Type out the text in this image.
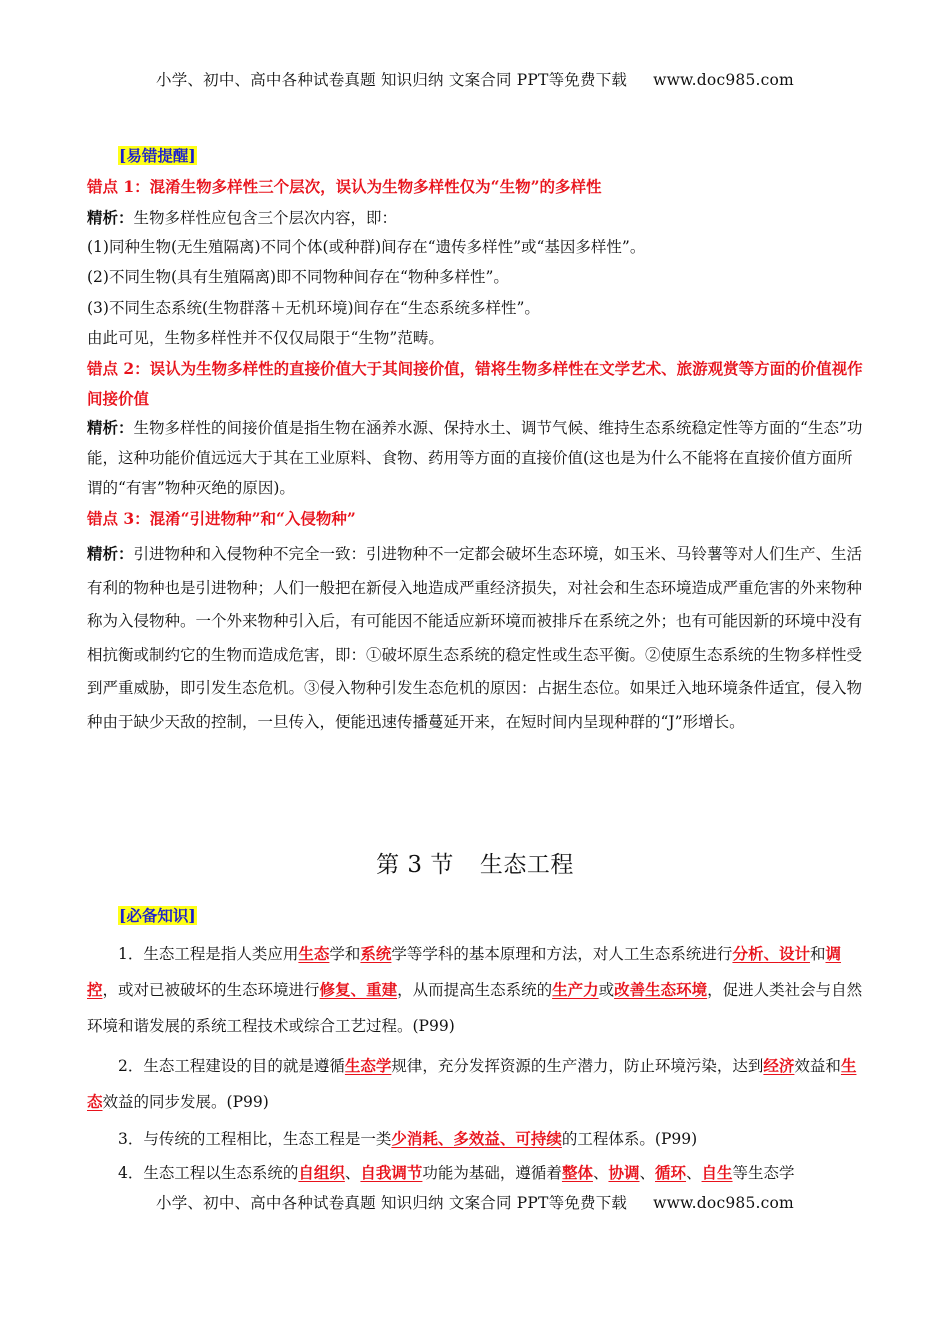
小学、初中、高中各种试卷真题 知识归纳 文案合同 PPT等免费下载 www.doc985.com
[易错提醒]
错点 1：混淆生物多样性三个层次，误认为生物多样性仅为“生物”的多样性
精析：生物多样性应包含三个层次内容，即：
(1)同种生物(无生殖隔离)不同个体(或种群)间存在“遗传多样性”或“基因多样性”。
(2)不同生物(具有生殖隔离)即不同物种间存在“物种多样性”。
(3)不同生态系统(生物群落＋无机环境)间存在“生态系统多样性”。
由此可见，生物多样性并不仅仅局限于“生物”范畴。
错点 2：误认为生物多样性的直接价值大于其间接价值，错将生物多样性在文学艺术、旅游观赏等方面的价值视作间接价值
精析：生物多样性的间接价值是指生物在涵养水源、保持水土、调节气候、维持生态系统稳定性等方面的“生态”功能，这种功能价值远远大于其在工业原料、食物、药用等方面的直接价值(这也是为什么不能将在直接价值方面所谓的“有害”物种灭绝的原因)。
错点 3：混淆“引进物种”和“入侵物种”
精析：引进物种和入侵物种不完全一致：引进物种不一定都会破坏生态环境，如玉米、马铃薯等对人们生产、生活有利的物种也是引进物种；人们一般把在新侵入地造成严重经济损失，对社会和生态环境造成严重危害的外来物种称为入侵物种。一个外来物种引入后，有可能因不能适应新环境而被排斥在系统之外；也有可能因新的环境中没有相抗衡或制约它的生物而造成危害，即：①破坏原生态系统的稳定性或生态平衡。②使原生态系统的生物多样性受到严重威胁，即引发生态危机。③侵入物种引发生态危机的原因：占据生态位。如果迁入地环境条件适宜，侵入物种由于缺少天敌的控制，一旦传入，便能迅速传播蔓延开来，在短时间内呈现种群的“J”形增长。
第 3 节 生态工程
[必备知识]
1．生态工程是指人类应用生态学和系统学等学科的基本原理和方法，对人工生态系统进行分析、设计和调控，或对已被破坏的生态环境进行修复、重建，从而提高生态系统的生产力或改善生态环境，促进人类社会与自然环境和谐发展的系统工程技术或综合工艺过程。(P99)
2．生态工程建设的目的就是遵循生态学规律，充分发挥资源的生产潜力，防止环境污染，达到经济效益和生态效益的同步发展。(P99)
3．与传统的工程相比，生态工程是一类少消耗、多效益、可持续的工程体系。(P99)
4．生态工程以生态系统的自组织、自我调节功能为基础，遵循着整体、协调、循环、自生等生态学
小学、初中、高中各种试卷真题 知识归纳 文案合同 PPT等免费下载 www.doc985.com
